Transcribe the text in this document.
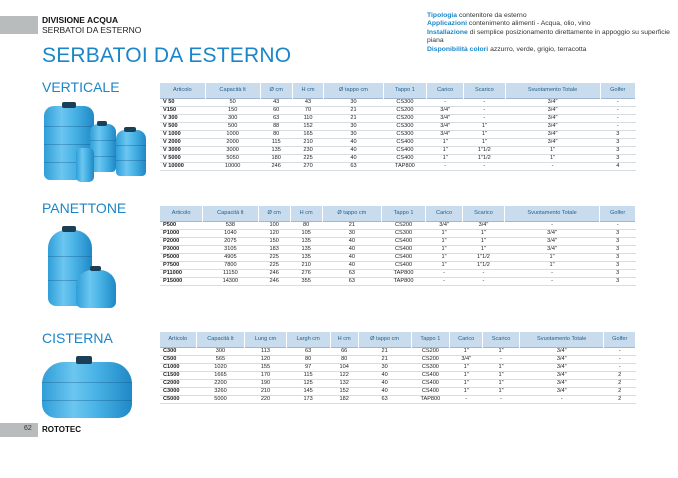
DIVISIONE ACQUA
SERBATOI DA ESTERNO
SERBATOI DA ESTERNO
Tipologia contenitore da esterno
Applicazioni contenimento alimenti - Acqua, olio, vino
Installazione di semplice posizionamento direttamente in appoggio su superficie piana
Disponibilità colori azzurro, verde, grigio, terracotta
VERTICALE	Articolo	Capacità lt	Ø cm	H cm	Ø tappo cm	Tappo 1	Carico	Scarico	Svuotamento Totale	Golfer
V 50	50	43	43	30	CS300	-	-	3/4"	-
V150	150	60	70	21	CS200	3/4"	-	3/4"	-
V 300	300	63	110	21	CS200	3/4"	-	3/4"	-
V 500	500	88	152	30	CS300	3/4"	1"	3/4"	-
V 1000	1000	80	165	30	CS300	3/4"	1"	3/4"	3
V 2000	2000	115	210	40	CS400	1"	1"	3/4"	3
V 3000	3000	135	230	40	CS400	1"	1"1/2	1"	3
V 5000	5050	180	225	40	CS400	1"	1"1/2	1"	3
V 10000	10000	246	270	63	TAP800	-	-	-	4
PANETTONE	Articolo	Capacità lt	Ø cm	H cm	Ø tappo cm	Tappo 1	Carico	Scarico	Svuotamento Totale	Golfer
P500	538	100	80	21	CS200	3/4"	3/4"	-	-
P1000	1040	120	105	30	CS300	1"	1"	3/4"	3
P2000	2075	150	135	40	CS400	1"	1"	3/4"	3
P3000	3105	183	135	40	CS400	1"	1"	3/4"	3
P5000	4905	225	135	40	CS400	1"	1"1/2	1"	3
P7500	7800	225	210	40	CS400	1"	1"1/2	1"	3
P11000	11150	246	276	63	TAP800	-	-	-	3
P15000	14300	246	355	63	TAP800	-	-	-	3
CISTERNA	Articolo	Capacità lt	Lung cm	Largh cm	H cm	Ø tappo cm	Tappo 1	Carico	Scarico	Svuotamento Totale	Golfer
C300	300	113	63	66	21	CS200	1"	1"	3/4"	-
C500	565	120	80	80	21	CS200	3/4"	-	3/4"	-
C1000	1020	155	97	104	30	CS300	1"	1"	3/4"	-
C1500	1665	170	115	122	40	CS400	1"	1"	3/4"	2
C2000	2200	190	125	132	40	CS400	1"	1"	3/4"	2
C3000	3260	210	145	152	40	CS400	1"	1"	3/4"	2
C5000	5000	220	173	182	63	TAP800	-	-	-	2
62 ROTOTEC
